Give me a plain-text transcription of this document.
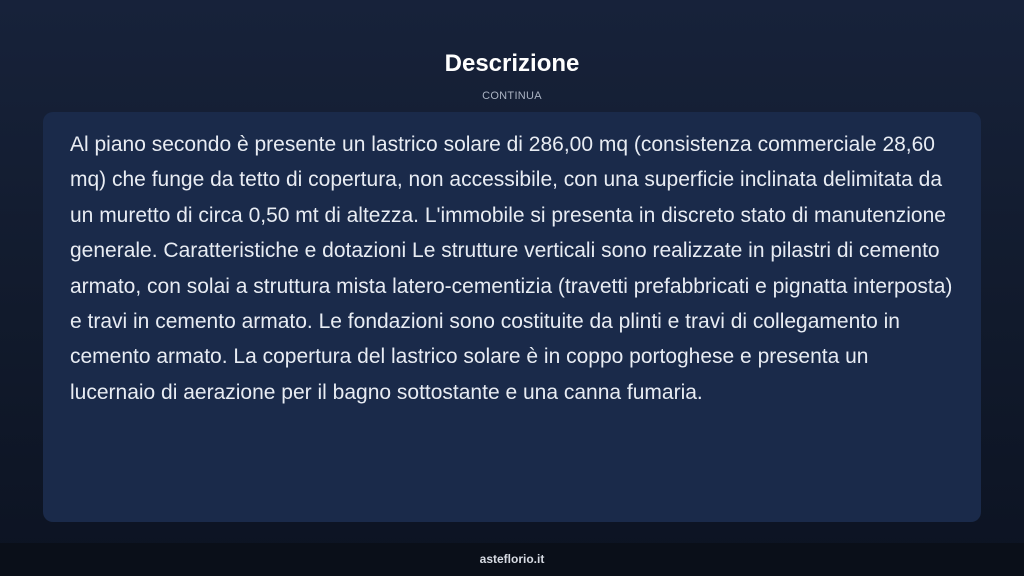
Descrizione
CONTINUA

Al piano secondo è presente un lastrico solare di 286,00 mq (consistenza commerciale 28,60 mq) che funge da tetto di copertura, non accessibile, con una superficie inclinata delimitata da un muretto di circa 0,50 mt di altezza. L'immobile si presenta in discreto stato di manutenzione generale. Caratteristiche e dotazioni Le strutture verticali sono realizzate in pilastri di cemento armato, con solai a struttura mista latero-cementizia (travetti prefabbricati e pignatta interposta) e travi in cemento armato. Le fondazioni sono costituite da plinti e travi di collegamento in cemento armato. La copertura del lastrico solare è in coppo portoghese e presenta un lucernaio di aerazione per il bagno sottostante e una canna fumaria.

asteflorio.it
